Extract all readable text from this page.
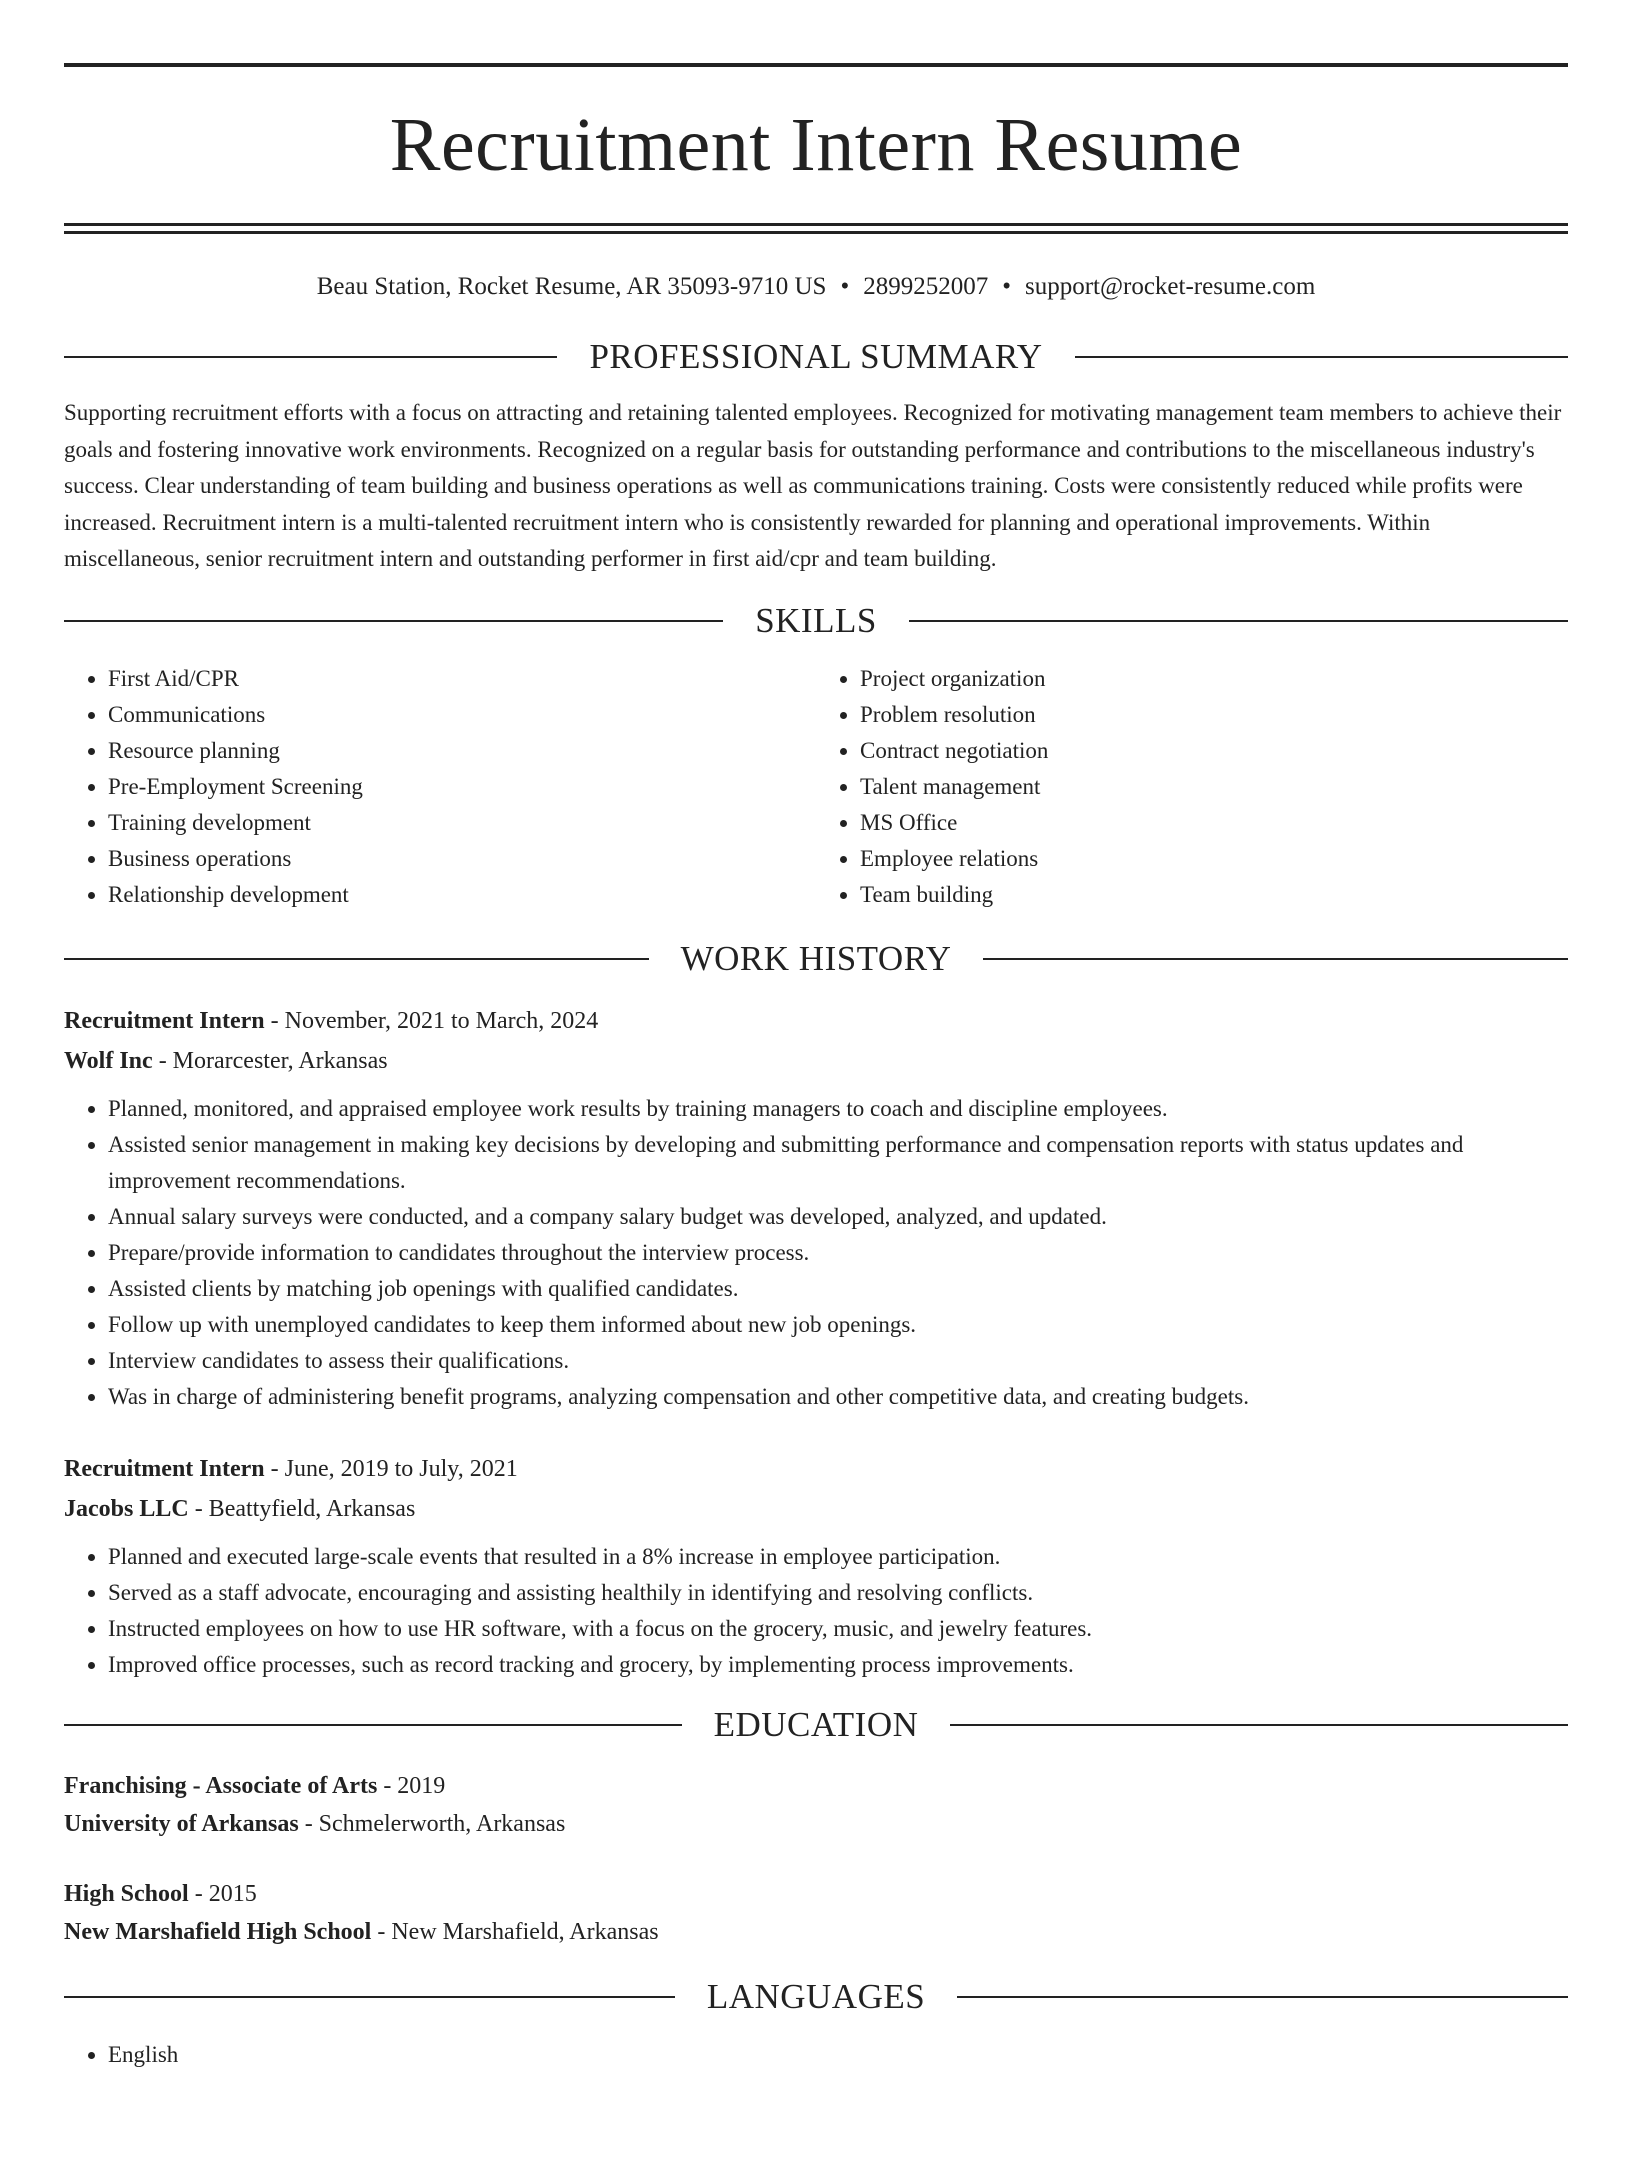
Recruitment Intern Resume
Beau Station, Rocket Resume, AR 35093-9710 US • 2899252007 • support@rocket-resume.com
PROFESSIONAL SUMMARY

Supporting recruitment efforts with a focus on attracting and retaining talented employees. Recognized for motivating management team members to achieve their goals and fostering innovative work environments. Recognized on a regular basis for outstanding performance and contributions to the miscellaneous industry's success. Clear understanding of team building and business operations as well as communications training. Costs were consistently reduced while profits were increased. Recruitment intern is a multi-talented recruitment intern who is consistently rewarded for planning and operational improvements. Within miscellaneous, senior recruitment intern and outstanding performer in first aid/cpr and team building.

SKILLS
• First Aid/CPR
• Communications
• Resource planning
• Pre-Employment Screening
• Training development
• Business operations
• Relationship development
• Project organization
• Problem resolution
• Contract negotiation
• Talent management
• MS Office
• Employee relations
• Team building
WORK HISTORY
Recruitment Intern - November, 2021 to March, 2024
Wolf Inc - Morarcester, Arkansas
• Planned, monitored, and appraised employee work results by training managers to coach and discipline employees.
• Assisted senior management in making key decisions by developing and submitting performance and compensation reports with status updates and improvement recommendations.
• Annual salary surveys were conducted, and a company salary budget was developed, analyzed, and updated.
• Prepare/provide information to candidates throughout the interview process.
• Assisted clients by matching job openings with qualified candidates.
• Follow up with unemployed candidates to keep them informed about new job openings.
• Interview candidates to assess their qualifications.
• Was in charge of administering benefit programs, analyzing compensation and other competitive data, and creating budgets.
Recruitment Intern - June, 2019 to July, 2021
Jacobs LLC - Beattyfield, Arkansas
• Planned and executed large-scale events that resulted in a 8% increase in employee participation.
• Served as a staff advocate, encouraging and assisting healthily in identifying and resolving conflicts.
• Instructed employees on how to use HR software, with a focus on the grocery, music, and jewelry features.
• Improved office processes, such as record tracking and grocery, by implementing process improvements.
EDUCATION
Franchising - Associate of Arts - 2019
University of Arkansas - Schmelerworth, Arkansas
High School - 2015
New Marshafield High School - New Marshafield, Arkansas
LANGUAGES
• English
